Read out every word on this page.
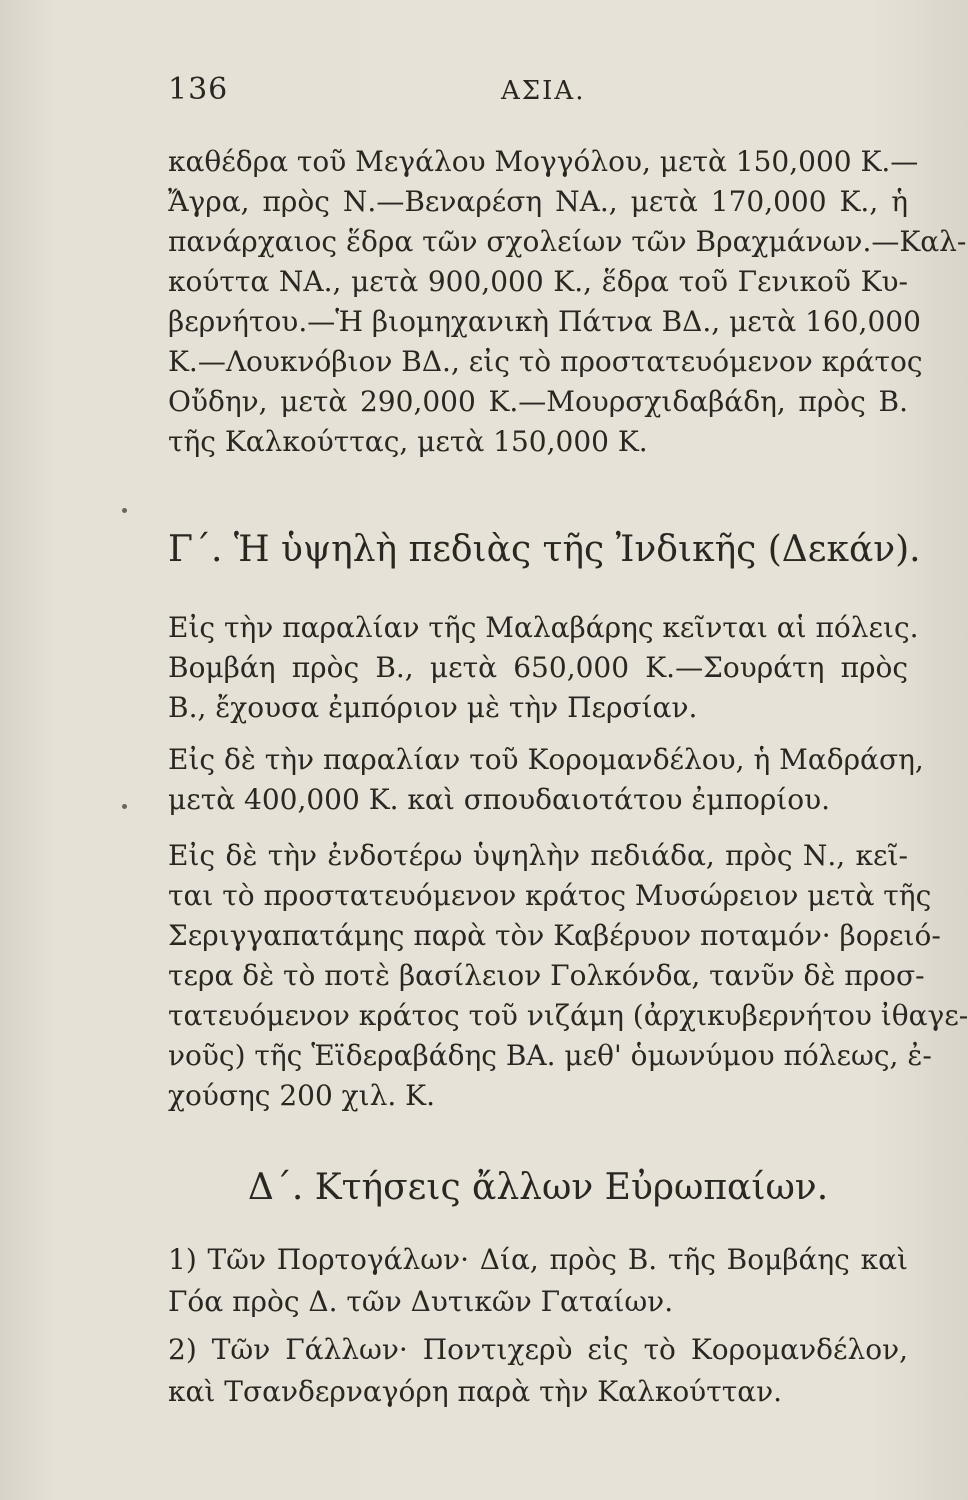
136	ΑΣΙΑ.
καθέδρα τοῦ Μεγάλου Μογγόλου, μετὰ 150,000 Κ.—
Ἄγρα, πρὸς Ν.—Βεναρέση ΝΑ., μετὰ 170,000 Κ., ἡ
πανάρχαιος ἕδρα τῶν σχολείων τῶν Βραχμάνων.—Καλ-
κούττα ΝΑ., μετὰ 900,000 Κ., ἕδρα τοῦ Γενικοῦ Κυ-
βερνήτου.—Ἡ βιομηχανικὴ Πάτνα ΒΔ., μετὰ 160,000
Κ.—Λουκνόβιον ΒΔ., εἰς τὸ προστατευόμενον κράτος
Οὔδην, μετὰ 290,000 Κ.—Μουρσχιδαβάδη, πρὸς Β.
τῆς Καλκούττας, μετὰ 150,000 Κ.
Γ΄. Ἡ ὑψηλὴ πεδιὰς τῆς Ἰνδικῆς (Δεκάν).
Εἰς τὴν παραλίαν τῆς Μαλαβάρης κεῖνται αἱ πόλεις.
Βομβάη πρὸς Β., μετὰ 650,000 Κ.—Σουράτη πρὸς
Β., ἔχουσα ἐμπόριον μὲ τὴν Περσίαν.
Εἰς δὲ τὴν παραλίαν τοῦ Κορομανδέλου, ἡ Μαδράση,
μετὰ 400,000 Κ. καὶ σπουδαιοτάτου ἐμπορίου.
Εἰς δὲ τὴν ἐνδοτέρω ὑψηλὴν πεδιάδα, πρὸς Ν., κεῖ-
ται τὸ προστατευόμενον κράτος Μυσώρειον μετὰ τῆς
Σεριγγαπατάμης παρὰ τὸν Καβέρυον ποταμόν· βορειό-
τερα δὲ τὸ ποτὲ βασίλειον Γολκόνδα, τανῦν δὲ προσ-
τατευόμενον κράτος τοῦ νιζάμη (ἀρχικυβερνήτου ἰθαγε-
νοῦς) τῆς Ἑϊδεραβάδης ΒΑ. μεθ' ὁμωνύμου πόλεως, ἐ-
χούσης 200 χιλ. Κ.
Δ΄. Κτήσεις ἄλλων Εὐρωπαίων.
1) Τῶν Πορτογάλων· Δία, πρὸς Β. τῆς Βομβάης καὶ
Γόα πρὸς Δ. τῶν Δυτικῶν Γαταίων.
2) Τῶν Γάλλων· Ποντιχερὺ εἰς τὸ Κορομανδέλον,
καὶ Τσανδερναγόρη παρὰ τὴν Καλκούτταν.
